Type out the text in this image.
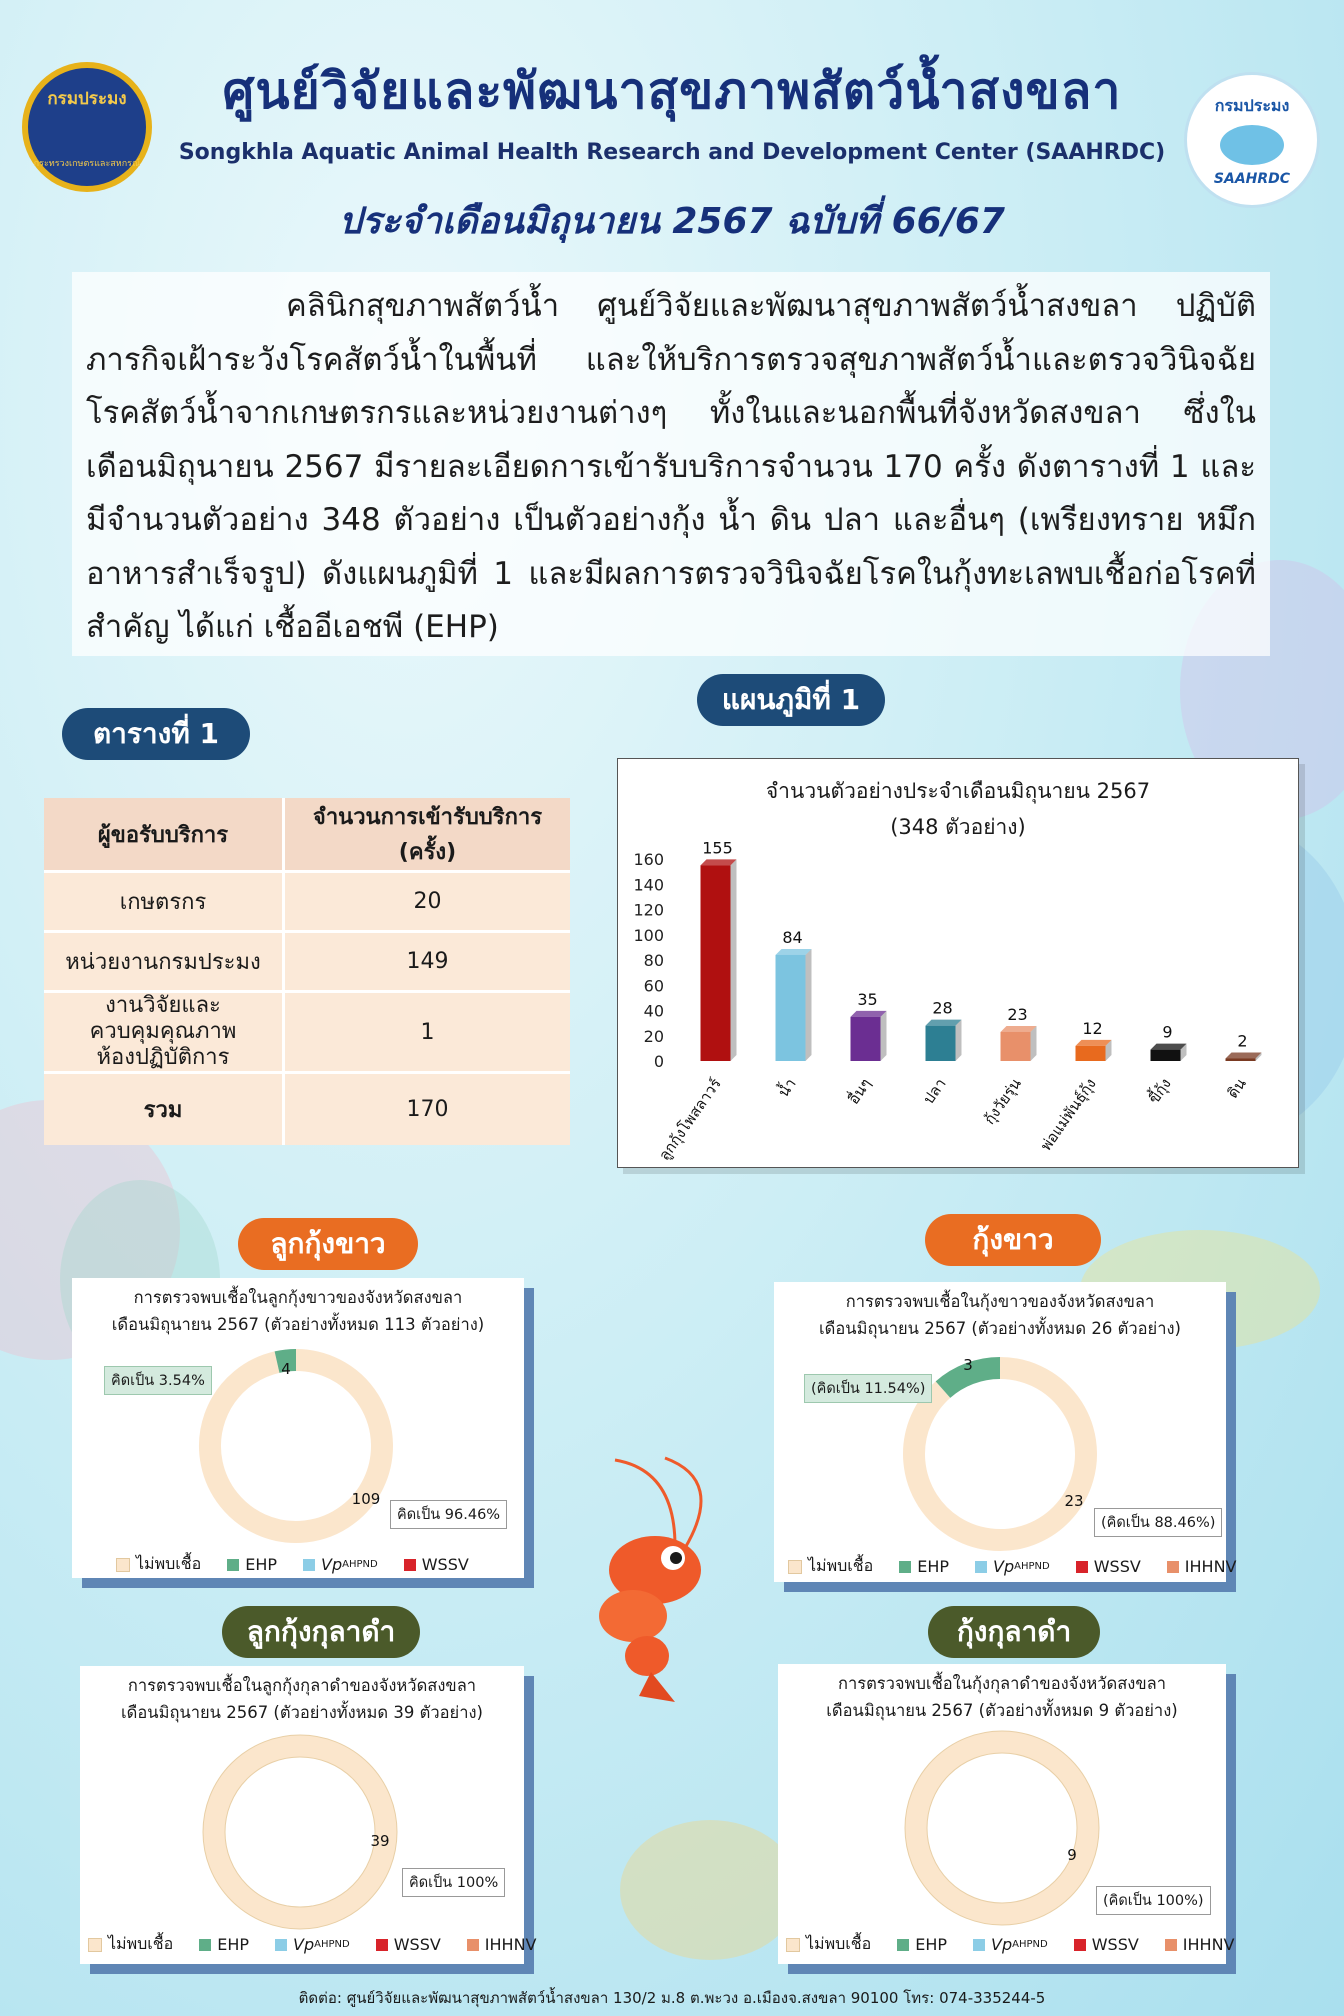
กรมประมง
กระทรวงเกษตรและสหกรณ์
กรมประมง
SAAHRDC
ศูนย์วิจัยและพัฒนาสุขภาพสัตว์น้ำสงขลา
Songkhla Aquatic Animal Health Research and Development Center (SAAHRDC)
ประจำเดือนมิถุนายน 2567 ฉบับที่ 66/67

คลินิกสุขภาพสัตว์น้ำ ศูนย์วิจัยและพัฒนาสุขภาพสัตว์น้ำสงขลา ปฏิบัติภารกิจเฝ้าระวังโรคสัตว์น้ำในพื้นที่ และให้บริการตรวจสุขภาพสัตว์น้ำและตรวจวินิจฉัยโรคสัตว์น้ำจากเกษตรกรและหน่วยงานต่างๆ ทั้งในและนอกพื้นที่จังหวัดสงขลา ซึ่งในเดือนมิถุนายน 2567 มีรายละเอียดการเข้ารับบริการจำนวน 170 ครั้ง ดังตารางที่ 1 และมีจำนวนตัวอย่าง 348 ตัวอย่าง เป็นตัวอย่างกุ้ง น้ำ ดิน ปลา และอื่นๆ (เพรียงทราย หมึก อาหารสำเร็จรูป) ดังแผนภูมิที่ 1 และมีผลการตรวจวินิจฉัยโรคในกุ้งทะเลพบเชื้อก่อโรคที่สำคัญ ได้แก่ เชื้ออีเอชพี (EHP)

ตารางที่ 1
ผู้ขอรับบริการ	จำนวนการเข้ารับบริการ (ครั้ง)
เกษตรกร	20
หน่วยงานกรมประมง	149
งานวิจัยและควบคุมคุณภาพห้องปฏิบัติการ	1
รวม	170
แผนภูมิที่ 1
จำนวนตัวอย่างประจำเดือนมิถุนายน 2567
(348 ตัวอย่าง)
0
20
40
60
80
100
120
140
160
155
ลูกกุ้งโพสลาวร์
84
น้ำ
35
อื่นๆ
28
ปลา
23
กุ้งวัยรุ่น
12
พ่อแม่พันธุ์กุ้ง
9
ขี้กุ้ง
2
ดิน
ลูกกุ้งขาว	กุ้งขาว
ลูกกุ้งกุลาดำ	กุ้งกุลาดำ
การตรวจพบเชื้อในลูกกุ้งขาวของจังหวัดสงขลา
เดือนมิถุนายน 2567 (ตัวอย่างทั้งหมด 113 ตัวอย่าง)
109
4
คิดเป็น 96.46%
คิดเป็น 3.54%
ไม่พบเชื้อ	EHP	Vp AHPND	WSSV
การตรวจพบเชื้อในกุ้งขาวของจังหวัดสงขลา
เดือนมิถุนายน 2567 (ตัวอย่างทั้งหมด 26 ตัวอย่าง)
23
3
(คิดเป็น 88.46%)
(คิดเป็น 11.54%)
ไม่พบเชื้อ	EHP	Vp AHPND	WSSV	IHHNV
การตรวจพบเชื้อในลูกกุ้งกุลาดำของจังหวัดสงขลา
เดือนมิถุนายน 2567 (ตัวอย่างทั้งหมด 39 ตัวอย่าง)
39
คิดเป็น 100%
ไม่พบเชื้อ	EHP	Vp AHPND	WSSV	IHHNV
การตรวจพบเชื้อในกุ้งกุลาดำของจังหวัดสงขลา
เดือนมิถุนายน 2567 (ตัวอย่างทั้งหมด 9 ตัวอย่าง)
9
(คิดเป็น 100%)
ไม่พบเชื้อ	EHP	Vp AHPND	WSSV	IHHNV
ติดต่อ: ศูนย์วิจัยและพัฒนาสุขภาพสัตว์น้ำสงขลา 130/2 ม.8 ต.พะวง อ.เมืองจ.สงขลา 90100 โทร: 074-335244-5
